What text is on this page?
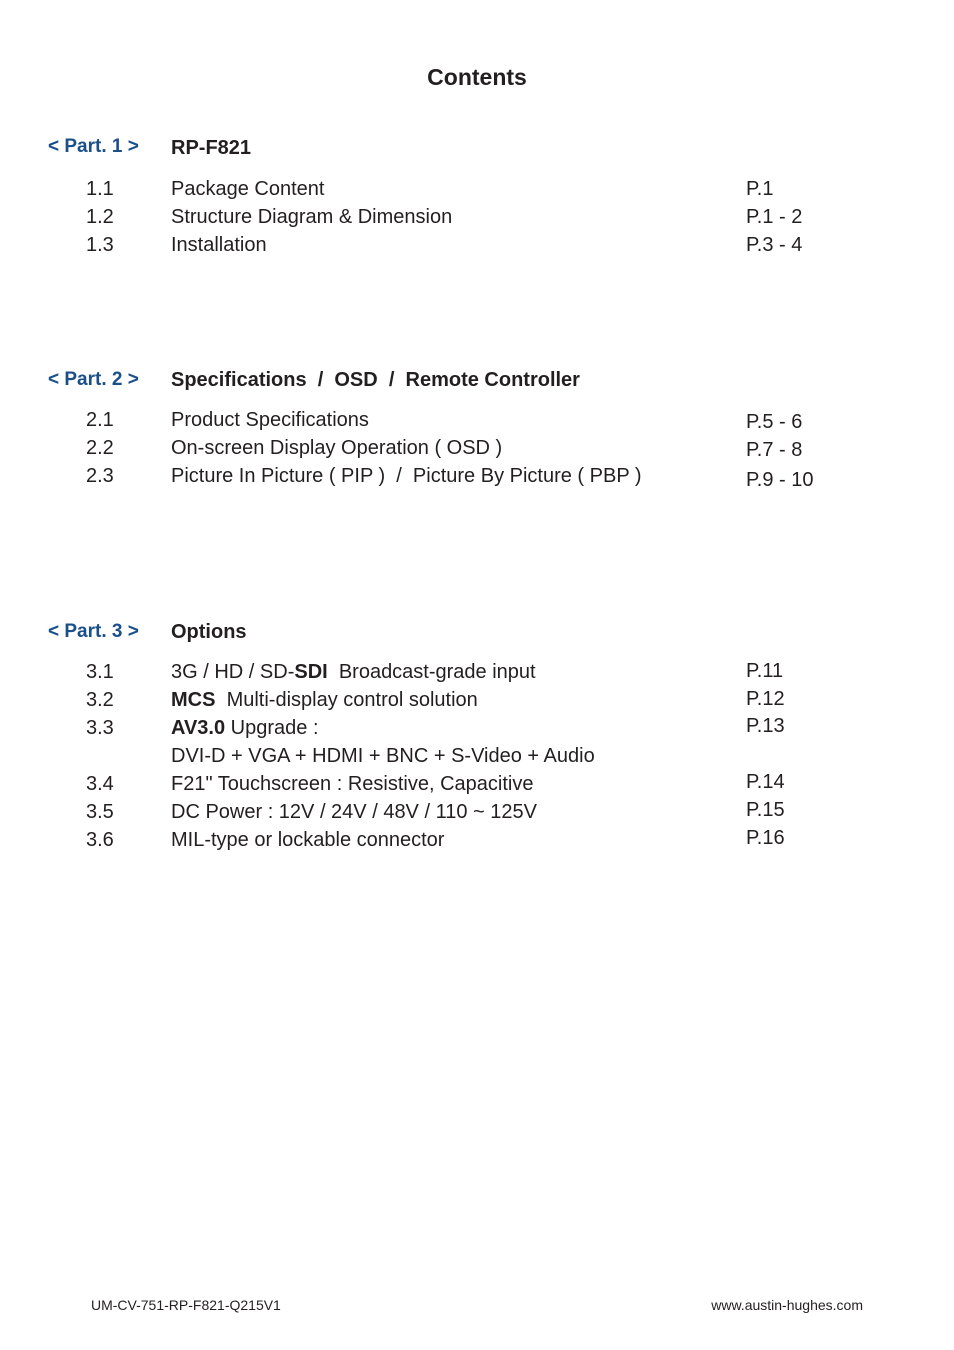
Contents
< Part. 1 > RP-F821
1.1	Package Content	P.1
1.2	Structure Diagram & Dimension	P.1 - 2
1.3	Installation	P.3 - 4
< Part. 2 > Specifications  /  OSD  /  Remote Controller
2.1	Product Specifications	P.5 - 6
2.2	On-screen Display Operation ( OSD )	P.7 - 8
2.3	Picture In Picture ( PIP )  /  Picture By Picture ( PBP )	P.9 - 10
< Part. 3 > Options
3.1	3G / HD / SD-SDI  Broadcast-grade input	P.11
3.2	MCS  Multi-display control solution	P.12
3.3	AV3.0 Upgrade :	P.13
DVI-D + VGA + HDMI + BNC + S-Video + Audio
3.4	F21" Touchscreen : Resistive, Capacitive	P.14
3.5	DC Power : 12V / 24V / 48V / 110 ~ 125V	P.15
3.6	MIL-type or lockable connector	P.16
UM-CV-751-RP-F821-Q215V1	www.austin-hughes.com
